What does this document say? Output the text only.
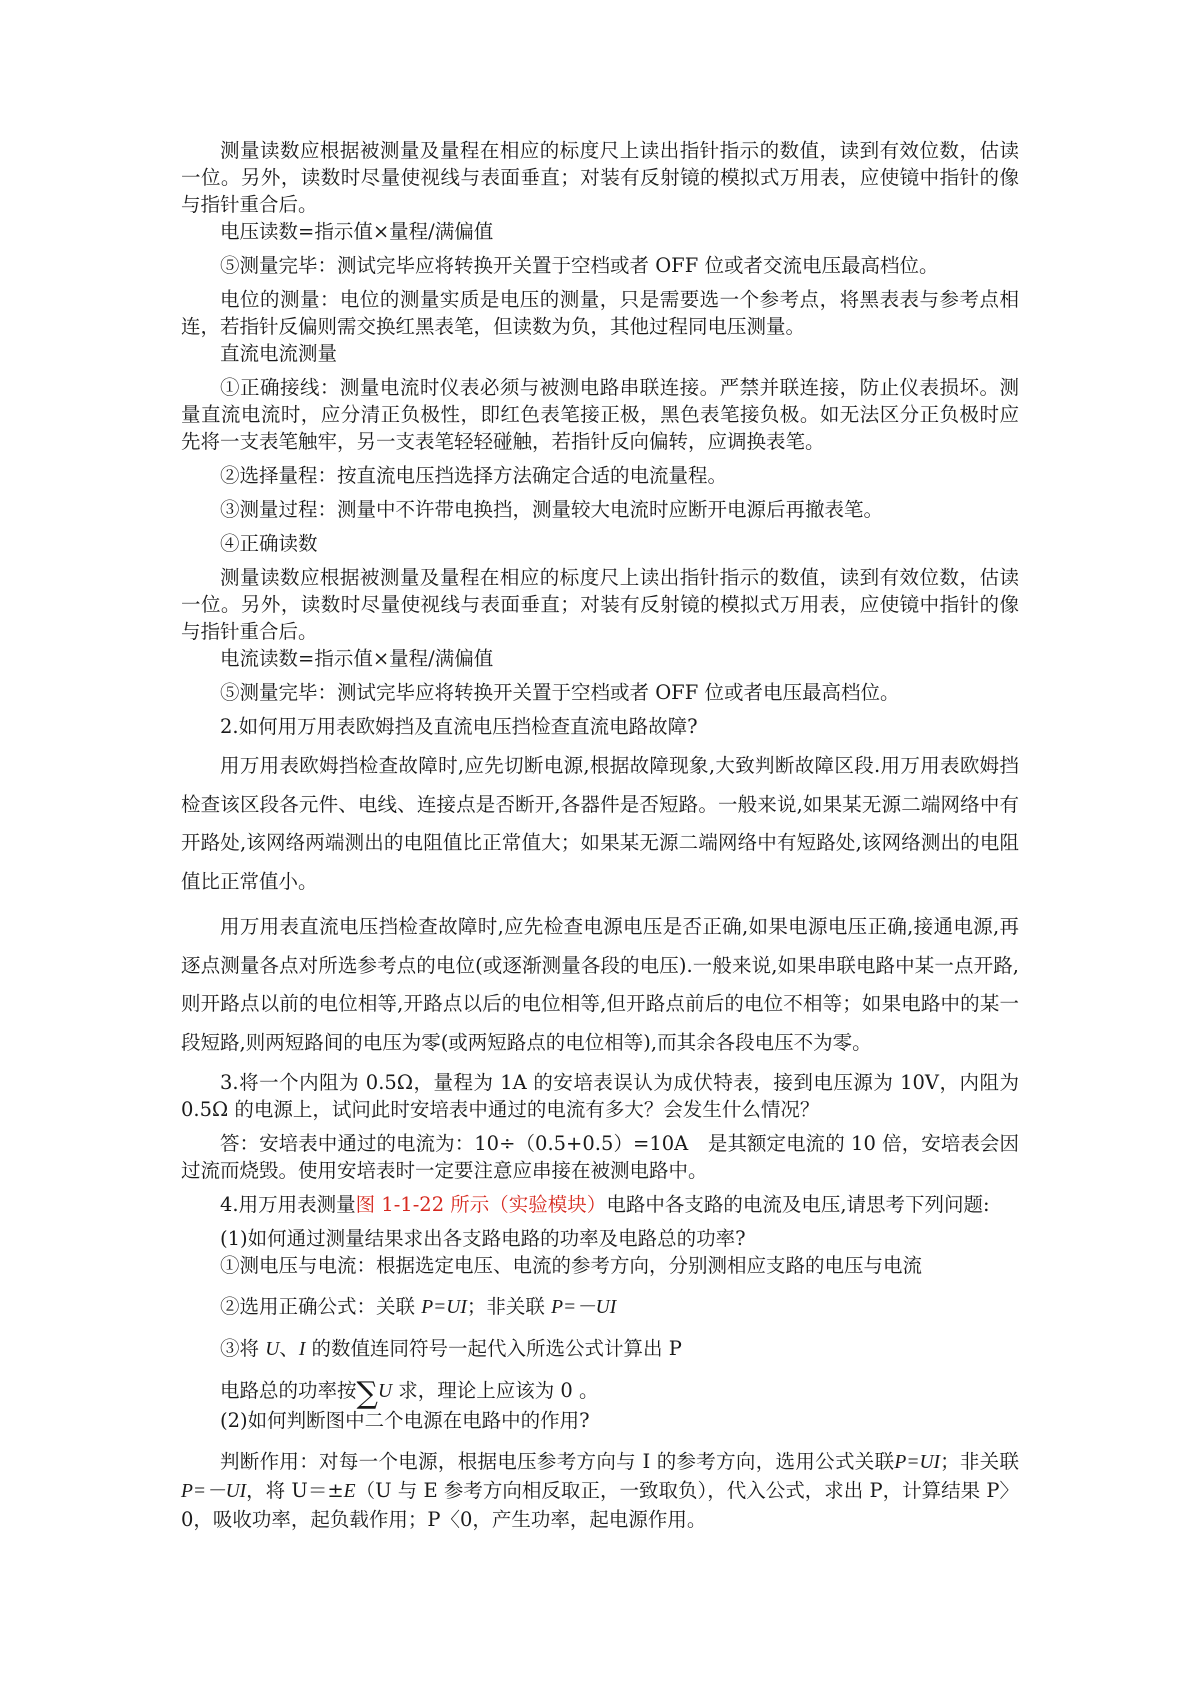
测量读数应根据被测量及量程在相应的标度尺上读出指针指示的数值，读到有效位数，估读一位。另外，读数时尽量使视线与表面垂直；对装有反射镜的模拟式万用表，应使镜中指针的像与指针重合后。

电压读数=指示值×量程/满偏值

⑤测量完毕：测试完毕应将转换开关置于空档或者 OFF 位或者交流电压最高档位。

电位的测量：电位的测量实质是电压的测量，只是需要选一个参考点，将黑表表与参考点相连，若指针反偏则需交换红黑表笔，但读数为负，其他过程同电压测量。

直流电流测量

①正确接线：测量电流时仪表必须与被测电路串联连接。严禁并联连接，防止仪表损坏。测量直流电流时，应分清正负极性，即红色表笔接正极，黑色表笔接负极。如无法区分正负极时应先将一支表笔触牢，另一支表笔轻轻碰触，若指针反向偏转，应调换表笔。

②选择量程：按直流电压挡选择方法确定合适的电流量程。

③测量过程：测量中不许带电换挡，测量较大电流时应断开电源后再撤表笔。

④正确读数

测量读数应根据被测量及量程在相应的标度尺上读出指针指示的数值，读到有效位数，估读一位。另外，读数时尽量使视线与表面垂直；对装有反射镜的模拟式万用表，应使镜中指针的像与指针重合后。

电流读数=指示值×量程/满偏值

⑤测量完毕：测试完毕应将转换开关置于空档或者 OFF 位或者电压最高档位。

2.如何用万用表欧姆挡及直流电压挡检查直流电路故障?

用万用表欧姆挡检查故障时,应先切断电源,根据故障现象,大致判断故障区段.用万用表欧姆挡检查该区段各元件、电线、连接点是否断开,各器件是否短路。一般来说,如果某无源二端网络中有开路处,该网络两端测出的电阻值比正常值大；如果某无源二端网络中有短路处,该网络测出的电阻值比正常值小。

用万用表直流电压挡检查故障时,应先检查电源电压是否正确,如果电源电压正确,接通电源,再逐点测量各点对所选参考点的电位(或逐渐测量各段的电压).一般来说,如果串联电路中某一点开路,则开路点以前的电位相等,开路点以后的电位相等,但开路点前后的电位不相等；如果电路中的某一段短路,则两短路间的电压为零(或两短路点的电位相等),而其余各段电压不为零。

3.将一个内阻为 0.5Ω，量程为 1A 的安培表误认为成伏特表，接到电压源为 10V，内阻为 0.5Ω 的电源上，试问此时安培表中通过的电流有多大？会发生什么情况？

答：安培表中通过的电流为：10÷（0.5+0.5）=10A　是其额定电流的 10 倍，安培表会因过流而烧毁。使用安培表时一定要注意应串接在被测电路中。

4.用万用表测量图 1-1-22 所示（实验模块）电路中各支路的电流及电压,请思考下列问题:

(1)如何通过测量结果求出各支路电路的功率及电路总的功率?

①测电压与电流：根据选定电压、电流的参考方向，分别测相应支路的电压与电流

②选用正确公式：关联 P=UI；非关联 P=－UI

③将 U、I 的数值连同符号一起代入所选公式计算出 P

电路总的功率按∑U 求，理论上应该为 0 。

(2)如何判断图中二个电源在电路中的作用?

判断作用：对每一个电源，根据电压参考方向与 I 的参考方向，选用公式关联P=UI；非关联 P=－UI，将 U＝±E（U 与 E 参考方向相反取正，一致取负），代入公式，求出 P，计算结果 P〉0，吸收功率，起负载作用；P〈0，产生功率，起电源作用。
